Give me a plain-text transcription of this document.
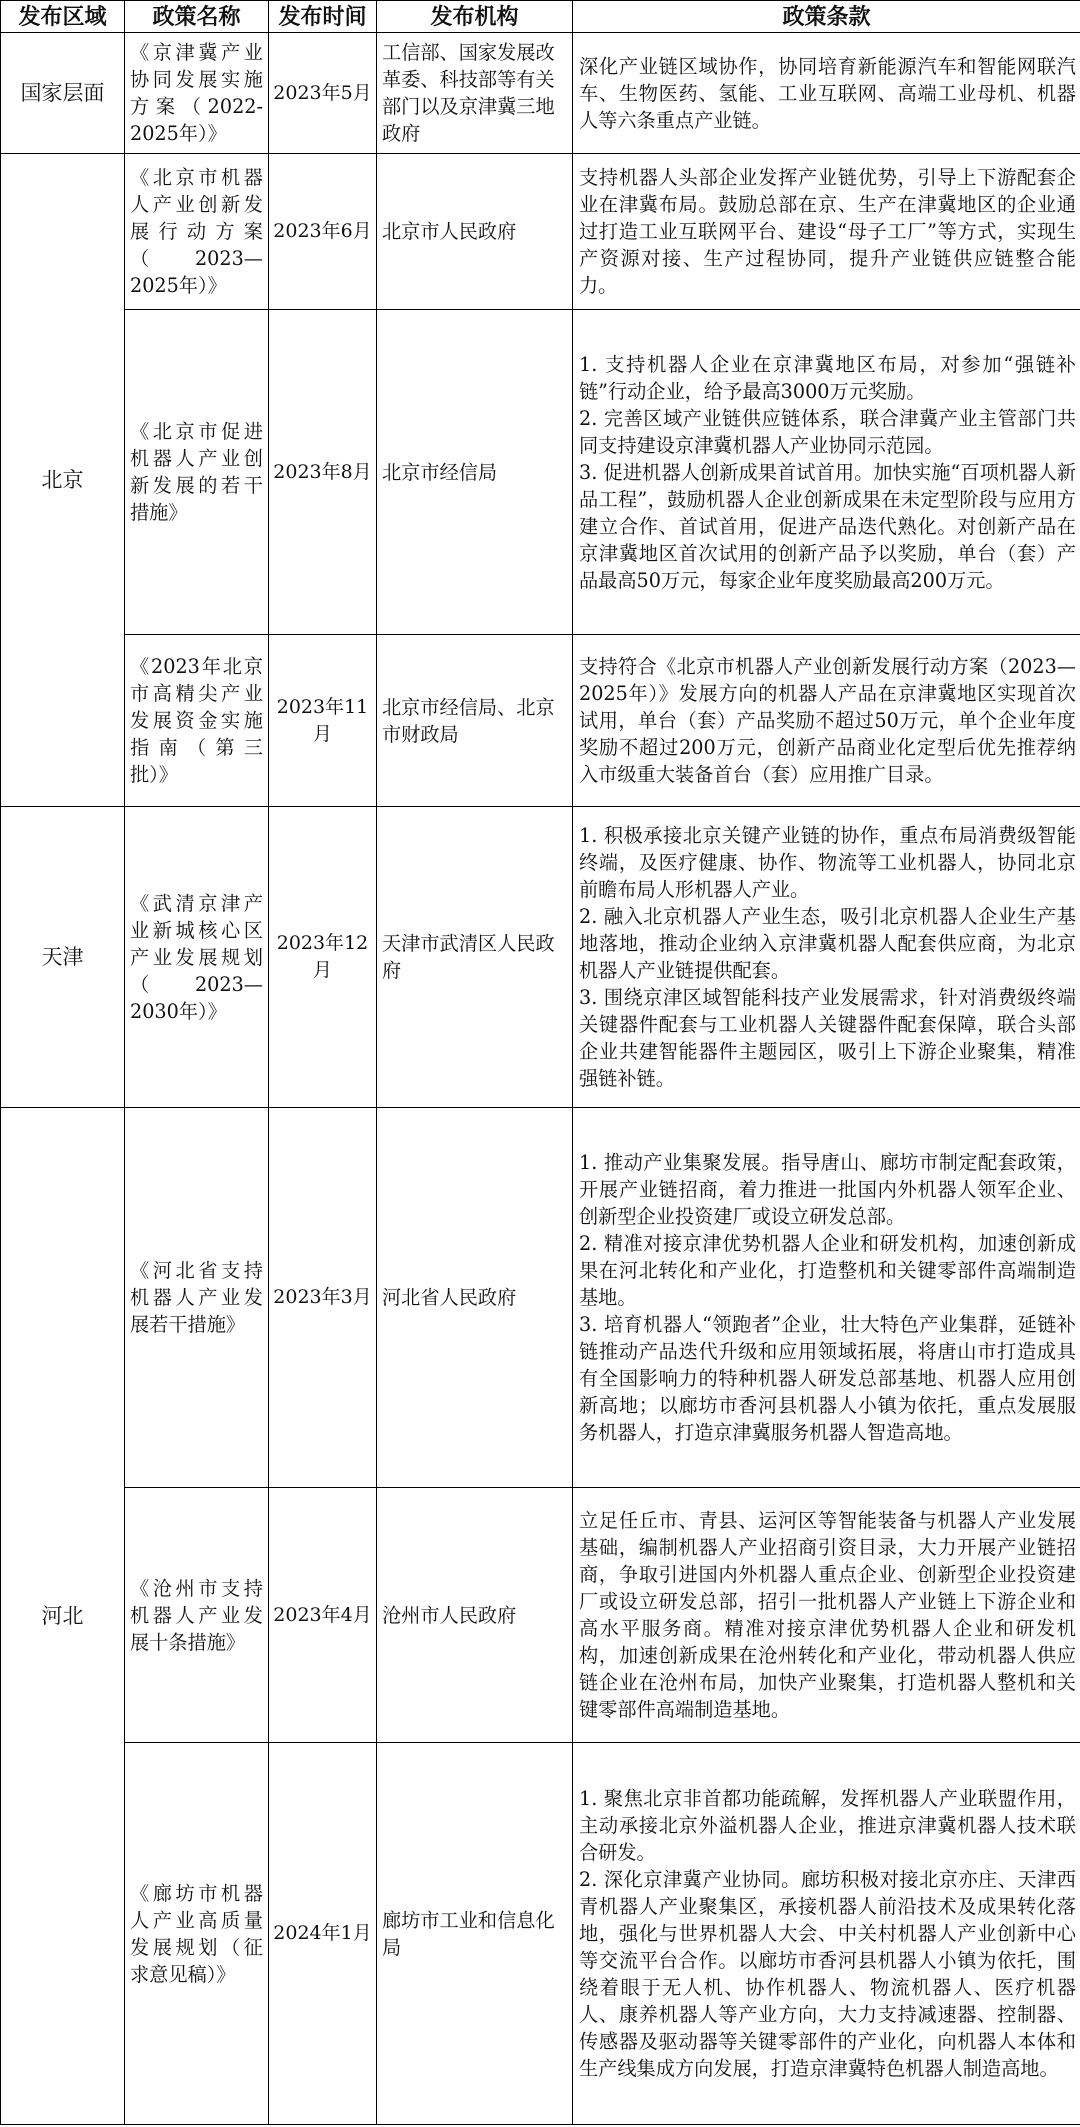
发布区域	政策名称	发布时间	发布机构	政策条款
国家层面	《京津冀产业协同发展实施方案（2022-2025年）》	2023年5月	工信部、国家发展改革委、科技部等有关部门以及京津冀三地政府	深化产业链区域协作，协同培育新能源汽车和智能网联汽车、生物医药、氢能、工业互联网、高端工业母机、机器人等六条重点产业链。

北京	《北京市机器人产业创新发展行动方案（2023—2025年）》	2023年6月	北京市人民政府	支持机器人头部企业发挥产业链优势，引导上下游配套企业在津冀布局。鼓励总部在京、生产在津冀地区的企业通过打造工业互联网平台、建设“母子工厂”等方式，实现生产资源对接、生产过程协同，提升产业链供应链整合能力。

	《北京市促进机器人产业创新发展的若干措施》	2023年8月	北京市经信局	1. 支持机器人企业在京津冀地区布局，对参加“强链补链”行动企业，给予最高3000万元奖励。
2. 完善区域产业链供应链体系，联合津冀产业主管部门共同支持建设京津冀机器人产业协同示范园。
3. 促进机器人创新成果首试首用。加快实施“百项机器人新品工程”，鼓励机器人企业创新成果在未定型阶段与应用方建立合作、首试首用，促进产品迭代熟化。对创新产品在京津冀地区首次试用的创新产品予以奖励，单台（套）产品最高50万元，每家企业年度奖励最高200万元。

	《2023年北京市高精尖产业发展资金实施指南（第三批）》	2023年11月	北京市经信局、北京市财政局	支持符合《北京市机器人产业创新发展行动方案（2023—2025年）》发展方向的机器人产品在京津冀地区实现首次试用，单台（套）产品奖励不超过50万元，单个企业年度奖励不超过200万元，创新产品商业化定型后优先推荐纳入市级重大装备首台（套）应用推广目录。

天津	《武清京津产业新城核心区产业发展规划（2023—2030年）》	2023年12月	天津市武清区人民政府	1. 积极承接北京关键产业链的协作，重点布局消费级智能终端，及医疗健康、协作、物流等工业机器人，协同北京前瞻布局人形机器人产业。
2. 融入北京机器人产业生态，吸引北京机器人企业生产基地落地，推动企业纳入京津冀机器人配套供应商，为北京机器人产业链提供配套。
3. 围绕京津区域智能科技产业发展需求，针对消费级终端关键器件配套与工业机器人关键器件配套保障，联合头部企业共建智能器件主题园区，吸引上下游企业聚集，精准强链补链。

河北	《河北省支持机器人产业发展若干措施》	2023年3月	河北省人民政府	1. 推动产业集聚发展。指导唐山、廊坊市制定配套政策，开展产业链招商，着力推进一批国内外机器人领军企业、创新型企业投资建厂或设立研发总部。
2. 精准对接京津优势机器人企业和研发机构，加速创新成果在河北转化和产业化，打造整机和关键零部件高端制造基地。
3. 培育机器人“领跑者”企业，壮大特色产业集群，延链补链推动产品迭代升级和应用领域拓展，将唐山市打造成具有全国影响力的特种机器人研发总部基地、机器人应用创新高地；以廊坊市香河县机器人小镇为依托，重点发展服务机器人，打造京津冀服务机器人智造高地。

	《沧州市支持机器人产业发展十条措施》	2023年4月	沧州市人民政府	立足任丘市、青县、运河区等智能装备与机器人产业发展基础，编制机器人产业招商引资目录，大力开展产业链招商，争取引进国内外机器人重点企业、创新型企业投资建厂或设立研发总部，招引一批机器人产业链上下游企业和高水平服务商。精准对接京津优势机器人企业和研发机构，加速创新成果在沧州转化和产业化，带动机器人供应链企业在沧州布局，加快产业聚集，打造机器人整机和关键零部件高端制造基地。

	《廊坊市机器人产业高质量发展规划（征求意见稿）》	2024年1月	廊坊市工业和信息化局	1. 聚焦北京非首都功能疏解，发挥机器人产业联盟作用，主动承接北京外溢机器人企业，推进京津冀机器人技术联合研发。
2. 深化京津冀产业协同。廊坊积极对接北京亦庄、天津西青机器人产业聚集区，承接机器人前沿技术及成果转化落地，强化与世界机器人大会、中关村机器人产业创新中心等交流平台合作。以廊坊市香河县机器人小镇为依托，围绕着眼于无人机、协作机器人、物流机器人、医疗机器人、康养机器人等产业方向，大力支持减速器、控制器、传感器及驱动器等关键零部件的产业化，向机器人本体和生产线集成方向发展，打造京津冀特色机器人制造高地。
